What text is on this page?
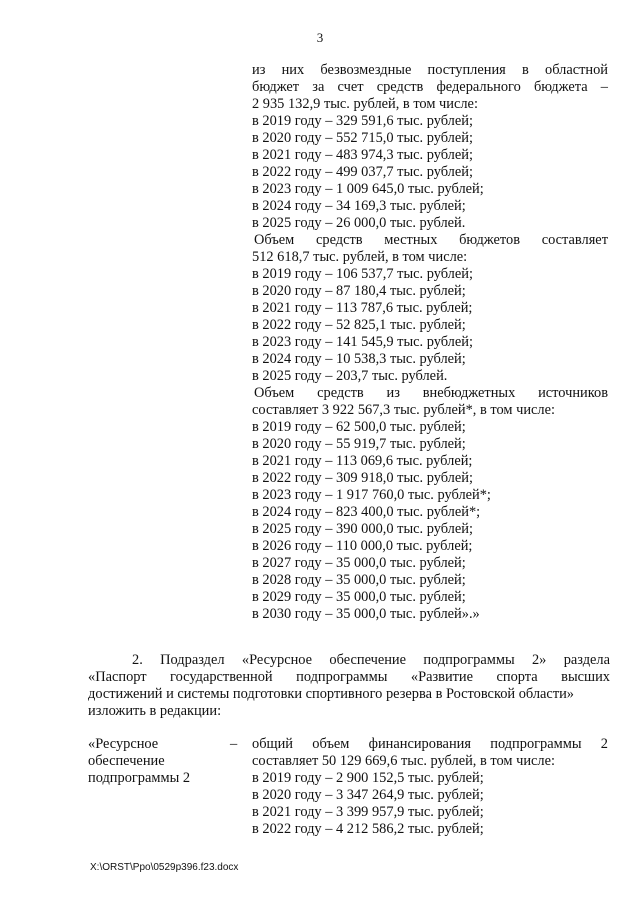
3
из них безвозмездные поступления в областной
бюджет за счет средств федерального бюджета –
2 935 132,9 тыс. рублей, в том числе:
в 2019 году – 329 591,6 тыс. рублей;
в 2020 году – 552 715,0 тыс. рублей;
в 2021 году – 483 974,3 тыс. рублей;
в 2022 году – 499 037,7 тыс. рублей;
в 2023 году – 1 009 645,0 тыс. рублей;
в 2024 году – 34 169,3 тыс. рублей;
в 2025 году – 26 000,0 тыс. рублей.
Объем средств местных бюджетов составляет
512 618,7 тыс. рублей, в том числе:
в 2019 году – 106 537,7 тыс. рублей;
в 2020 году – 87 180,4 тыс. рублей;
в 2021 году – 113 787,6 тыс. рублей;
в 2022 году – 52 825,1 тыс. рублей;
в 2023 году – 141 545,9 тыс. рублей;
в 2024 году – 10 538,3 тыс. рублей;
в 2025 году – 203,7 тыс. рублей.
Объем средств из внебюджетных источников
составляет 3 922 567,3 тыс. рублей*, в том числе:
в 2019 году – 62 500,0 тыс. рублей;
в 2020 году – 55 919,7 тыс. рублей;
в 2021 году – 113 069,6 тыс. рублей;
в 2022 году – 309 918,0 тыс. рублей;
в 2023 году – 1 917 760,0 тыс. рублей*;
в 2024 году – 823 400,0 тыс. рублей*;
в 2025 году – 390 000,0 тыс. рублей;
в 2026 году – 110 000,0 тыс. рублей;
в 2027 году – 35 000,0 тыс. рублей;
в 2028 году – 35 000,0 тыс. рублей;
в 2029 году – 35 000,0 тыс. рублей;
в 2030 году – 35 000,0 тыс. рублей».»
2. Подраздел «Ресурсное обеспечение подпрограммы 2» раздела
«Паспорт государственной подпрограммы «Развитие спорта высших
достижений и системы подготовки спортивного резерва в Ростовской области»
изложить в редакции:
«Ресурсное
обеспечение
подпрограммы 2
– общий объем финансирования подпрограммы 2
составляет 50 129 669,6 тыс. рублей, в том числе:
в 2019 году – 2 900 152,5 тыс. рублей;
в 2020 году – 3 347 264,9 тыс. рублей;
в 2021 году – 3 399 957,9 тыс. рублей;
в 2022 году – 4 212 586,2 тыс. рублей;
X:\ORST\Ppo\0529p396.f23.docx
